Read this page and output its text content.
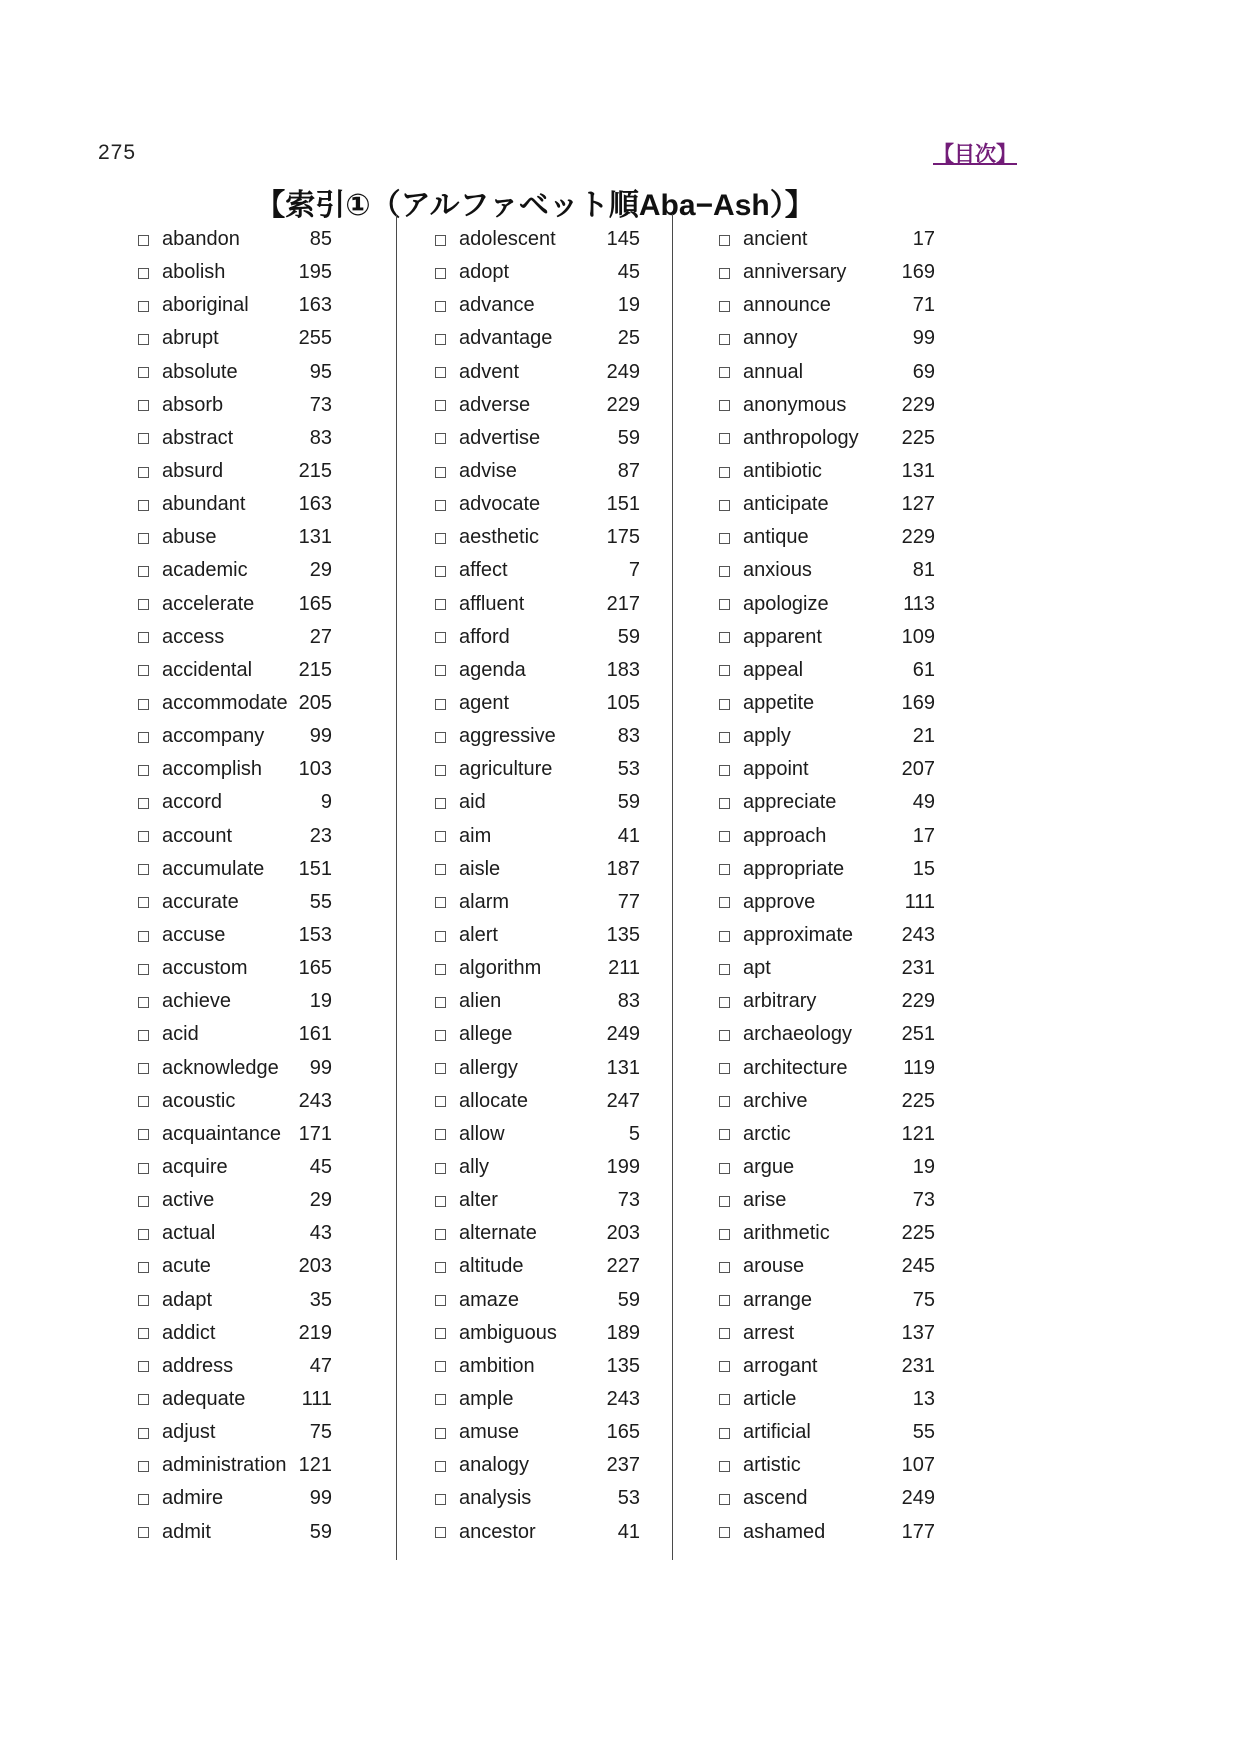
275	【目次】
【索引①（アルファベット順Aba−Ash）】
abandon	85
abolish	195
aboriginal 163
abrupt	255
absolute	95
absorb	73
abstract	83
absurd	215
abundant	163
abuse	131
academic	29
accelerate 165
access	27
accidental 215
accommodate 205
accompany 99
accomplish 103
accord	9
account	23
accumulate 151
accurate	55
accuse	153
accustom	165
achieve	19
acid	161
acknowledge 99
acoustic	243
acquaintance 171
acquire	45
active	29
actual	43
acute	203
adapt	35
addict	219
address	47
adequate	111
adjust	75
administration 121
admire	99
admit	59
adolescent	145
adopt	45
advance	19
advantage	25
advent	249
adverse	229
advertise	59
advise	87
advocate	151
aesthetic	175
affect	7
affluent	217
afford	59
agenda	183
agent	105
aggressive	83
agriculture	53
aid	59
aim	41
aisle	187
alarm	77
alert	135
algorithm	211
alien	83
allege	249
allergy	131
allocate	247
allow	5
ally	199
alter	73
alternate	203
altitude	227
amaze	59
ambiguous 189
ambition	135
ample	243
amuse	165
analogy	237
analysis	53
ancestor	41
ancient	17
anniversary	169
announce	71
annoy	99
annual	69
anonymous	229
anthropology 225
antibiotic	131
anticipate	127
antique	229
anxious	81
apologize	113
apparent	109
appeal	61
appetite	169
apply	21
appoint	207
appreciate	49
approach	17
appropriate	15
approve	111
approximate 243
apt	231
arbitrary	229
archaeology 251
architecture	119
archive	225
arctic	121
argue	19
arise	73
arithmetic	225
arouse	245
arrange	75
arrest	137
arrogant	231
article	13
artificial	55
artistic	107
ascend	249
ashamed	177
